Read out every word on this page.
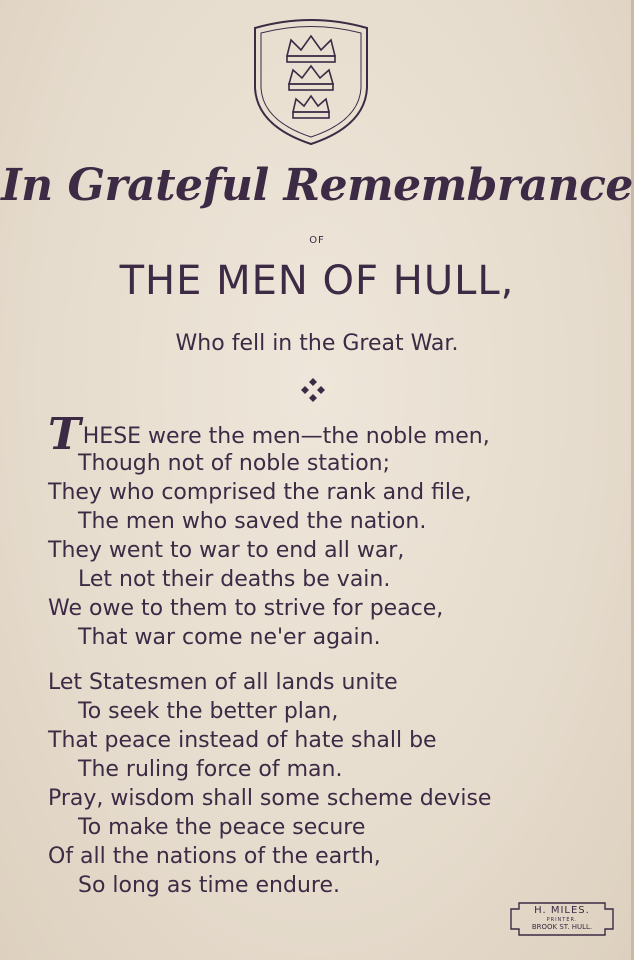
In Grateful Remembrance
OF
THE MEN OF HULL,
Who fell in the Great War.
THESE were the men—the noble men,
Though not of noble station;
They who comprised the rank and file,
The men who saved the nation.
They went to war to end all war,
Let not their deaths be vain.
We owe to them to strive for peace,
That war come ne'er again.
Let Statesmen of all lands unite
To seek the better plan,
That peace instead of hate shall be
The ruling force of man.
Pray, wisdom shall some scheme devise
To make the peace secure
Of all the nations of the earth,
So long as time endure.
H. MILES.
PRINTER.
BROOK ST. HULL.
